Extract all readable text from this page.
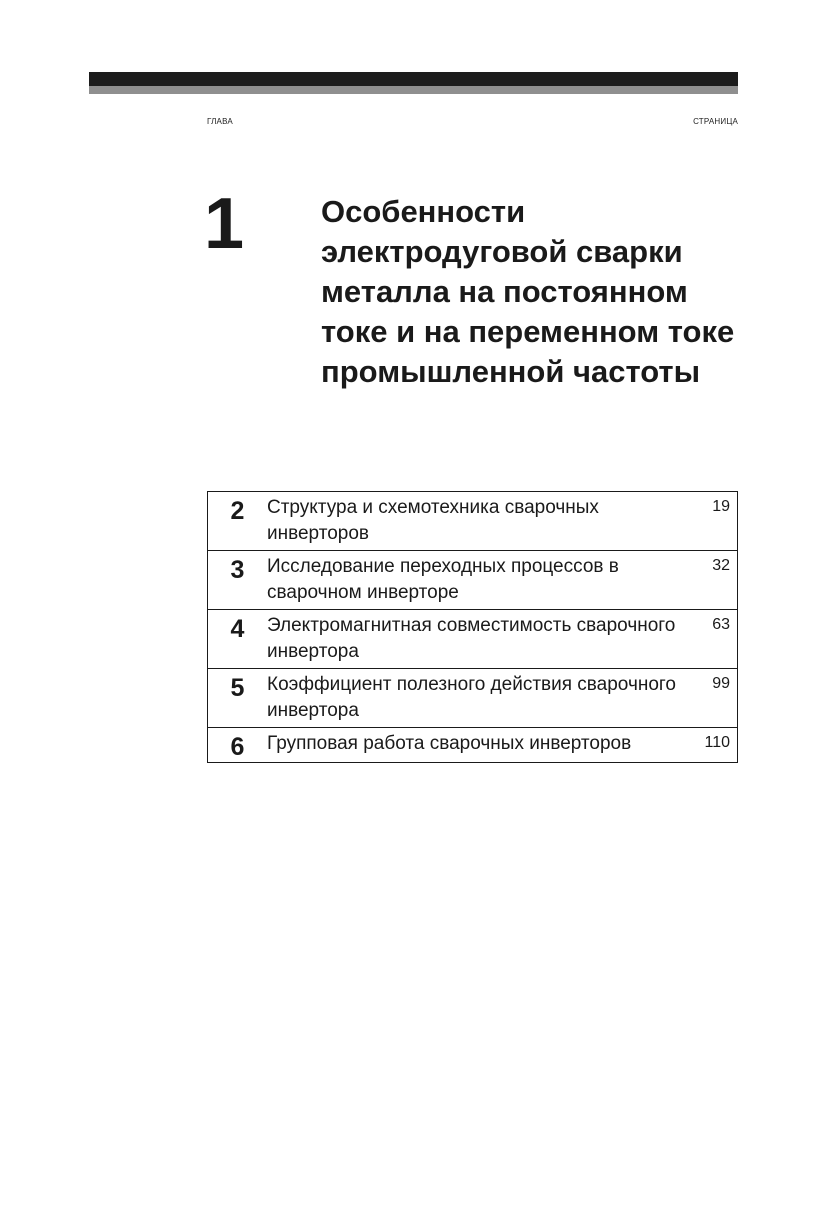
ГЛАВА	СТРАНИЦА
1 Особенности электродуговой сварки металла на постоянном токе и на переменном токе промышленной частоты
2	Структура и схемотехника сварочных инверторов	19
3	Исследование переходных процессов в сварочном инверторе	32
4	Электромагнитная совместимость сварочного инвертора	63
5	Коэффициент полезного действия сварочного инвертора	99
6	Групповая работа сварочных инверторов	110
